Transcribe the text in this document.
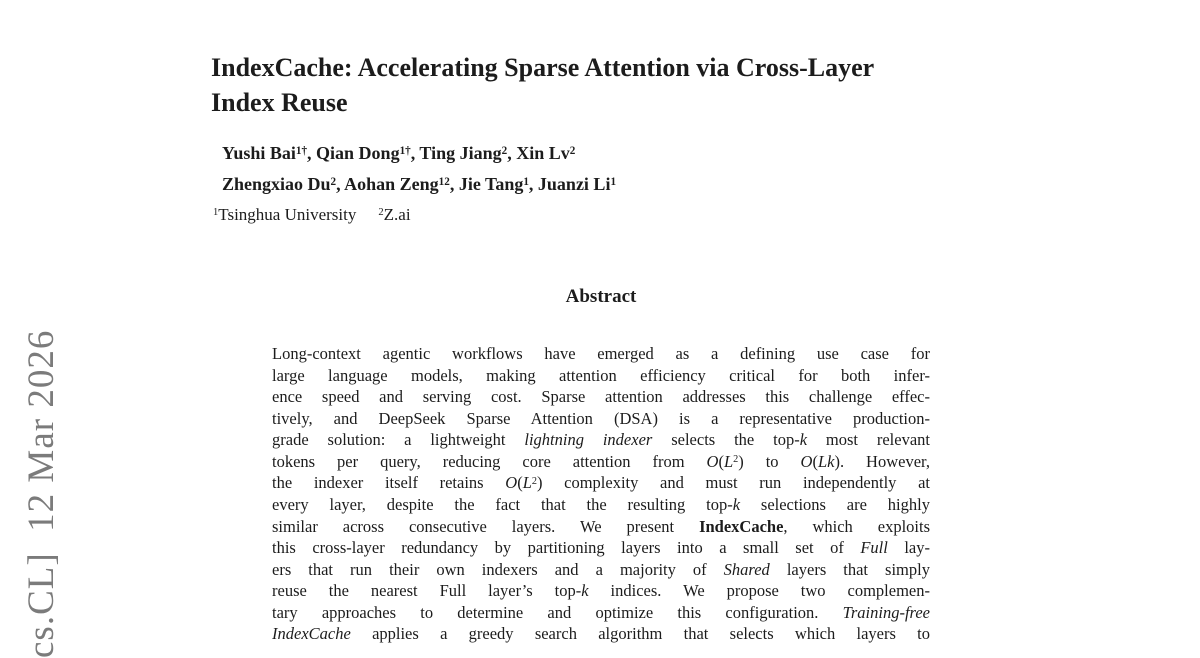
cs.CL]  12 Mar 2026
IndexCache: Accelerating Sparse Attention via Cross-Layer
Index Reuse
Yushi Bai$^{1\dagger}$, Qian Dong$^{1\dagger}$, Ting Jiang$^2$, Xin Lv$^2$
Zhengxiao Du$^2$, Aohan Zeng$^{12}$, Jie Tang$^1$, Juanzi Li$^1$
$^1$Tsinghua University $^2$Z.ai
Abstract
Long-context agentic workflows have emerged as a defining use case for
large language models, making attention efficiency critical for both infer-
ence speed and serving cost. Sparse attention addresses this challenge effec-
tively, and DeepSeek Sparse Attention (DSA) is a representative production-
grade solution: a lightweight lightning indexer selects the top-k most relevant
tokens per query, reducing core attention from $O(L^2)$ to O(Lk). However,
the indexer itself retains $O(L^2)$ complexity and must run independently at
every layer, despite the fact that the resulting top-k selections are highly
similar across consecutive layers. We present IndexCache, which exploits
this cross-layer redundancy by partitioning layers into a small set of Full lay-
ers that run their own indexers and a majority of Shared layers that simply
reuse the nearest Full layer’s top-k indices. We propose two complemen-
tary approaches to determine and optimize this configuration. Training-free
IndexCache applies a greedy search algorithm that selects which layers to
